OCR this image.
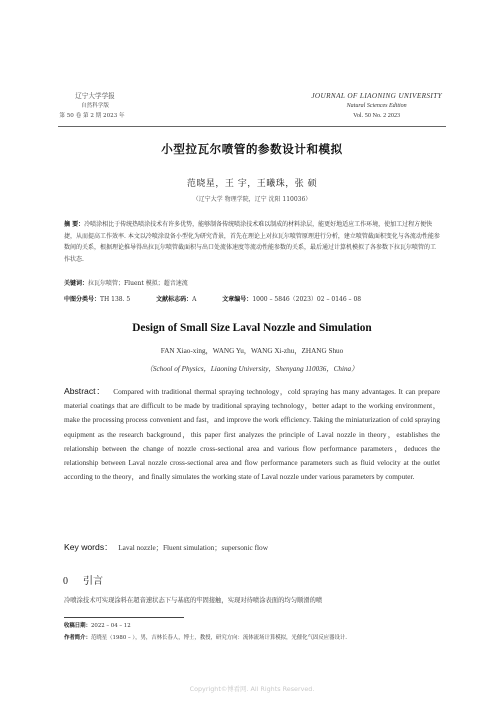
辽宁大学学报
自然科学版
第 50 卷 第 2 期 2023 年
JOURNAL OF LIAONING UNIVERSITY
Natural Sciences Edition
Vol. 50 No. 2 2023
小型拉瓦尔喷管的参数设计和模拟
范晓星，王 宇，王曦珠，张 硕
（辽宁大学 物理学院，辽宁 沈阳 110036）
摘 要：冷喷涂相比于传统热喷涂技术有许多优势，能够制备传统喷涂技术难以制成的材料涂层，能更好地适应工作环境，使加工过程方便快捷，从而提高工作效率. 本文以冷喷涂设备小型化为研究背景，首先在理论上对拉瓦尔喷管原理进行分析，建立喷管截面积变化与各流动性能参数间的关系，根据理论推导得出拉瓦尔喷管截面积与出口处流体速度等流动性能参数的关系，最后通过计算机模拟了各参数下拉瓦尔喷管的工作状态.
关键词：拉瓦尔喷管；Fluent 模拟；超音速流
中图分类号：TH 138. 5	文献标志码：A	文章编号：1000 – 5846（2023）02 – 0146 – 08
Design of Small Size Laval Nozzle and Simulation
FAN Xiao-xing，WANG Yu，WANG Xi-zhu，ZHANG Shuo
（School of Physics，Liaoning University，Shenyang 110036，China）
Abstract： Compared with traditional thermal spraying technology，cold spraying has many advantages. It can prepare material coatings that are difficult to be made by traditional spraying technology，better adapt to the working environment，make the processing process convenient and fast，and improve the work efficiency. Taking the miniaturization of cold spraying equipment as the research background，this paper first analyzes the principle of Laval nozzle in theory，establishes the relationship between the change of nozzle cross-sectional area and various flow performance parameters，deduces the relationship between Laval nozzle cross-sectional area and flow performance parameters such as fluid velocity at the outlet according to the theory，and finally simulates the working state of Laval nozzle under various parameters by computer.
Key words： Laval nozzle；Fluent simulation；supersonic flow
0 引言
冷喷涂技术可实现涂料在超音速状态下与基底的牢固接触，实现对待喷涂表面的均匀顺滑的喷
收稿日期：2022 – 04 – 12
作者简介：范晓星（1980 – ），男，吉林长春人，博士，教授，研究方向：流体流场计算模拟，光催化气固反应器设计.
Copyright©博看网. All Rights Reserved.
